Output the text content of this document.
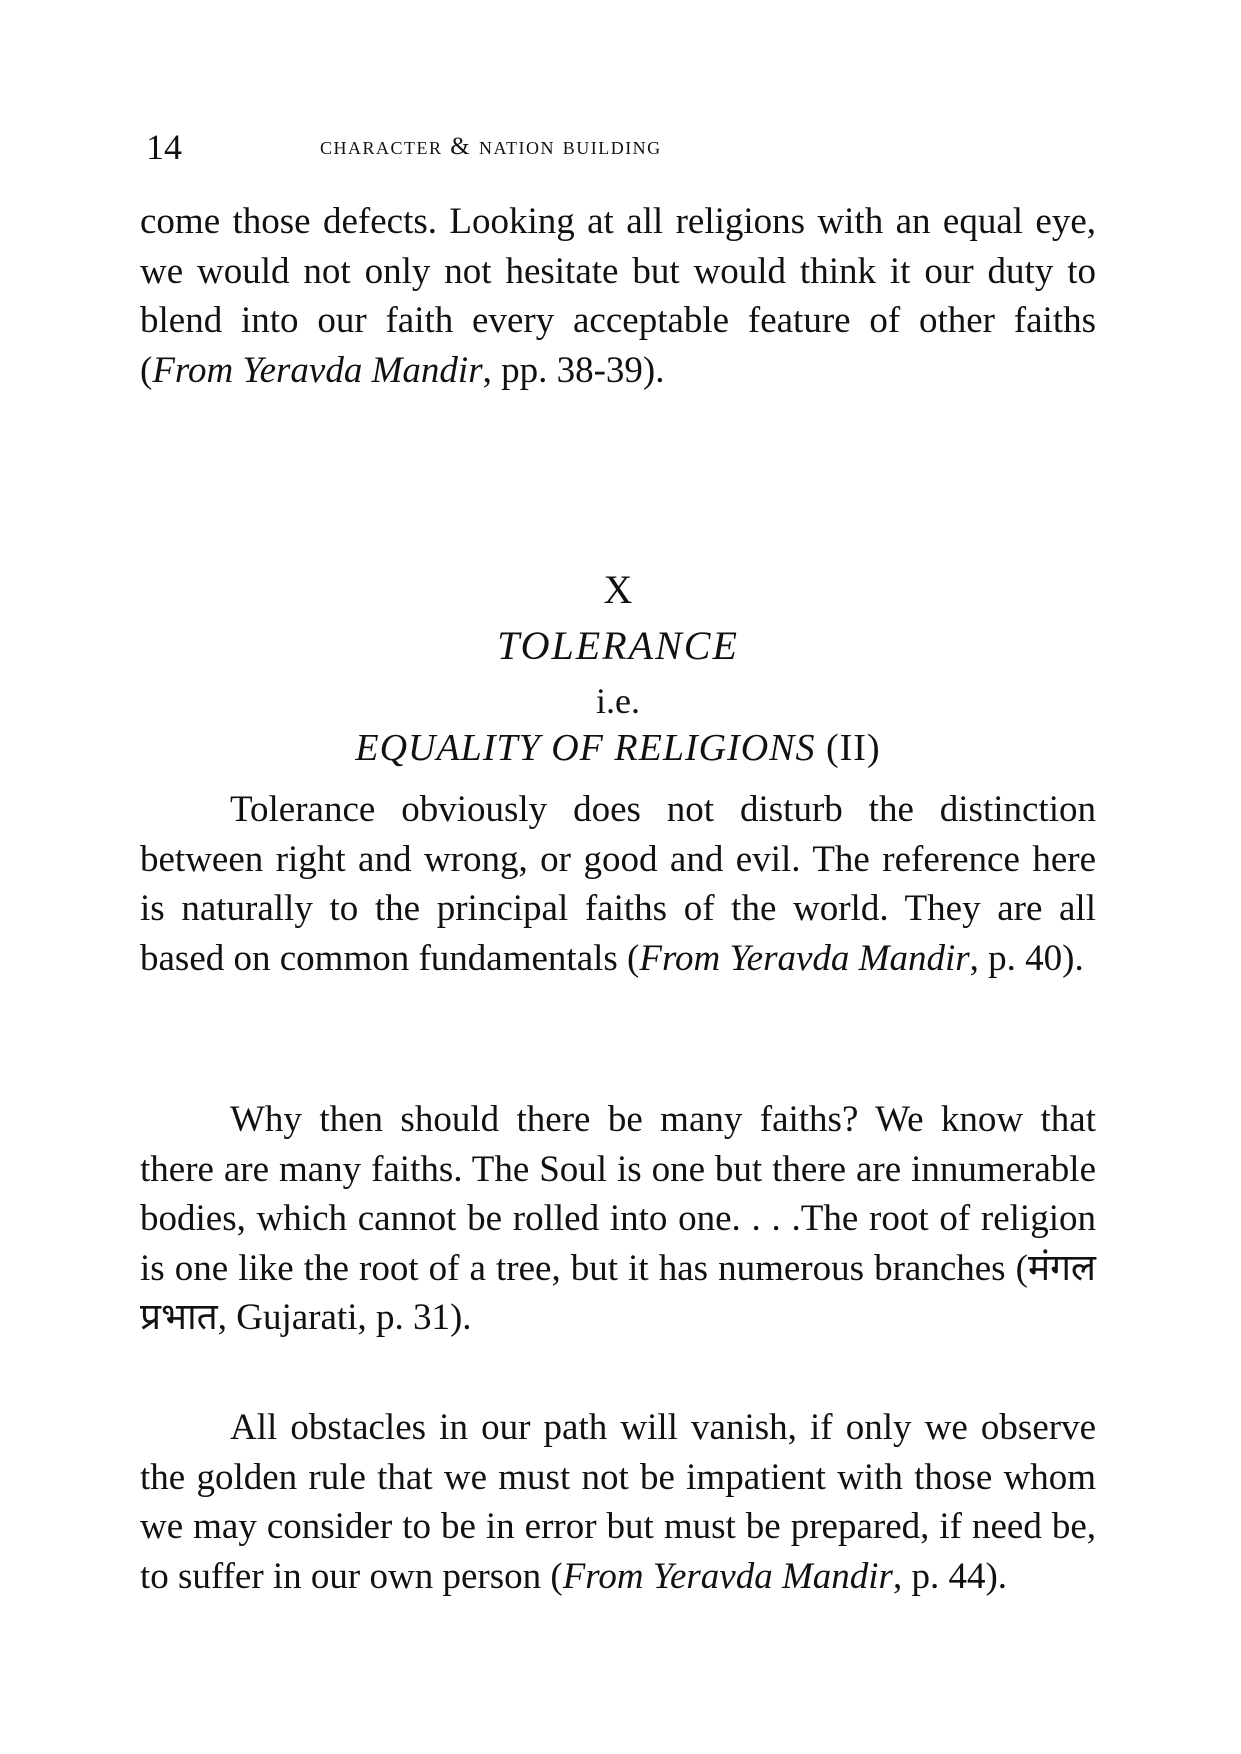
14	character & nation building

come those defects. Looking at all religions with an equal eye, we would not only not hesitate but would think it our duty to blend into our faith every acceptable feature of other faiths (From Yeravda Mandir, pp. 38-39).

X
TOLERANCE
i.e.
EQUALITY OF RELIGIONS (II)

Tolerance obviously does not disturb the distinction between right and wrong, or good and evil. The reference here is naturally to the principal faiths of the world. They are all based on common fundamentals (From Yeravda Mandir, p. 40).

Why then should there be many faiths? We know that there are many faiths. The Soul is one but there are innumerable bodies, which cannot be rolled into one. . . .The root of religion is one like the root of a tree, but it has numerous branches (मंगल प्रभात, Gujarati, p. 31).

All obstacles in our path will vanish, if only we observe the golden rule that we must not be impatient with those whom we may consider to be in error but must be prepared, if need be, to suffer in our own person (From Yeravda Mandir, p. 44).
